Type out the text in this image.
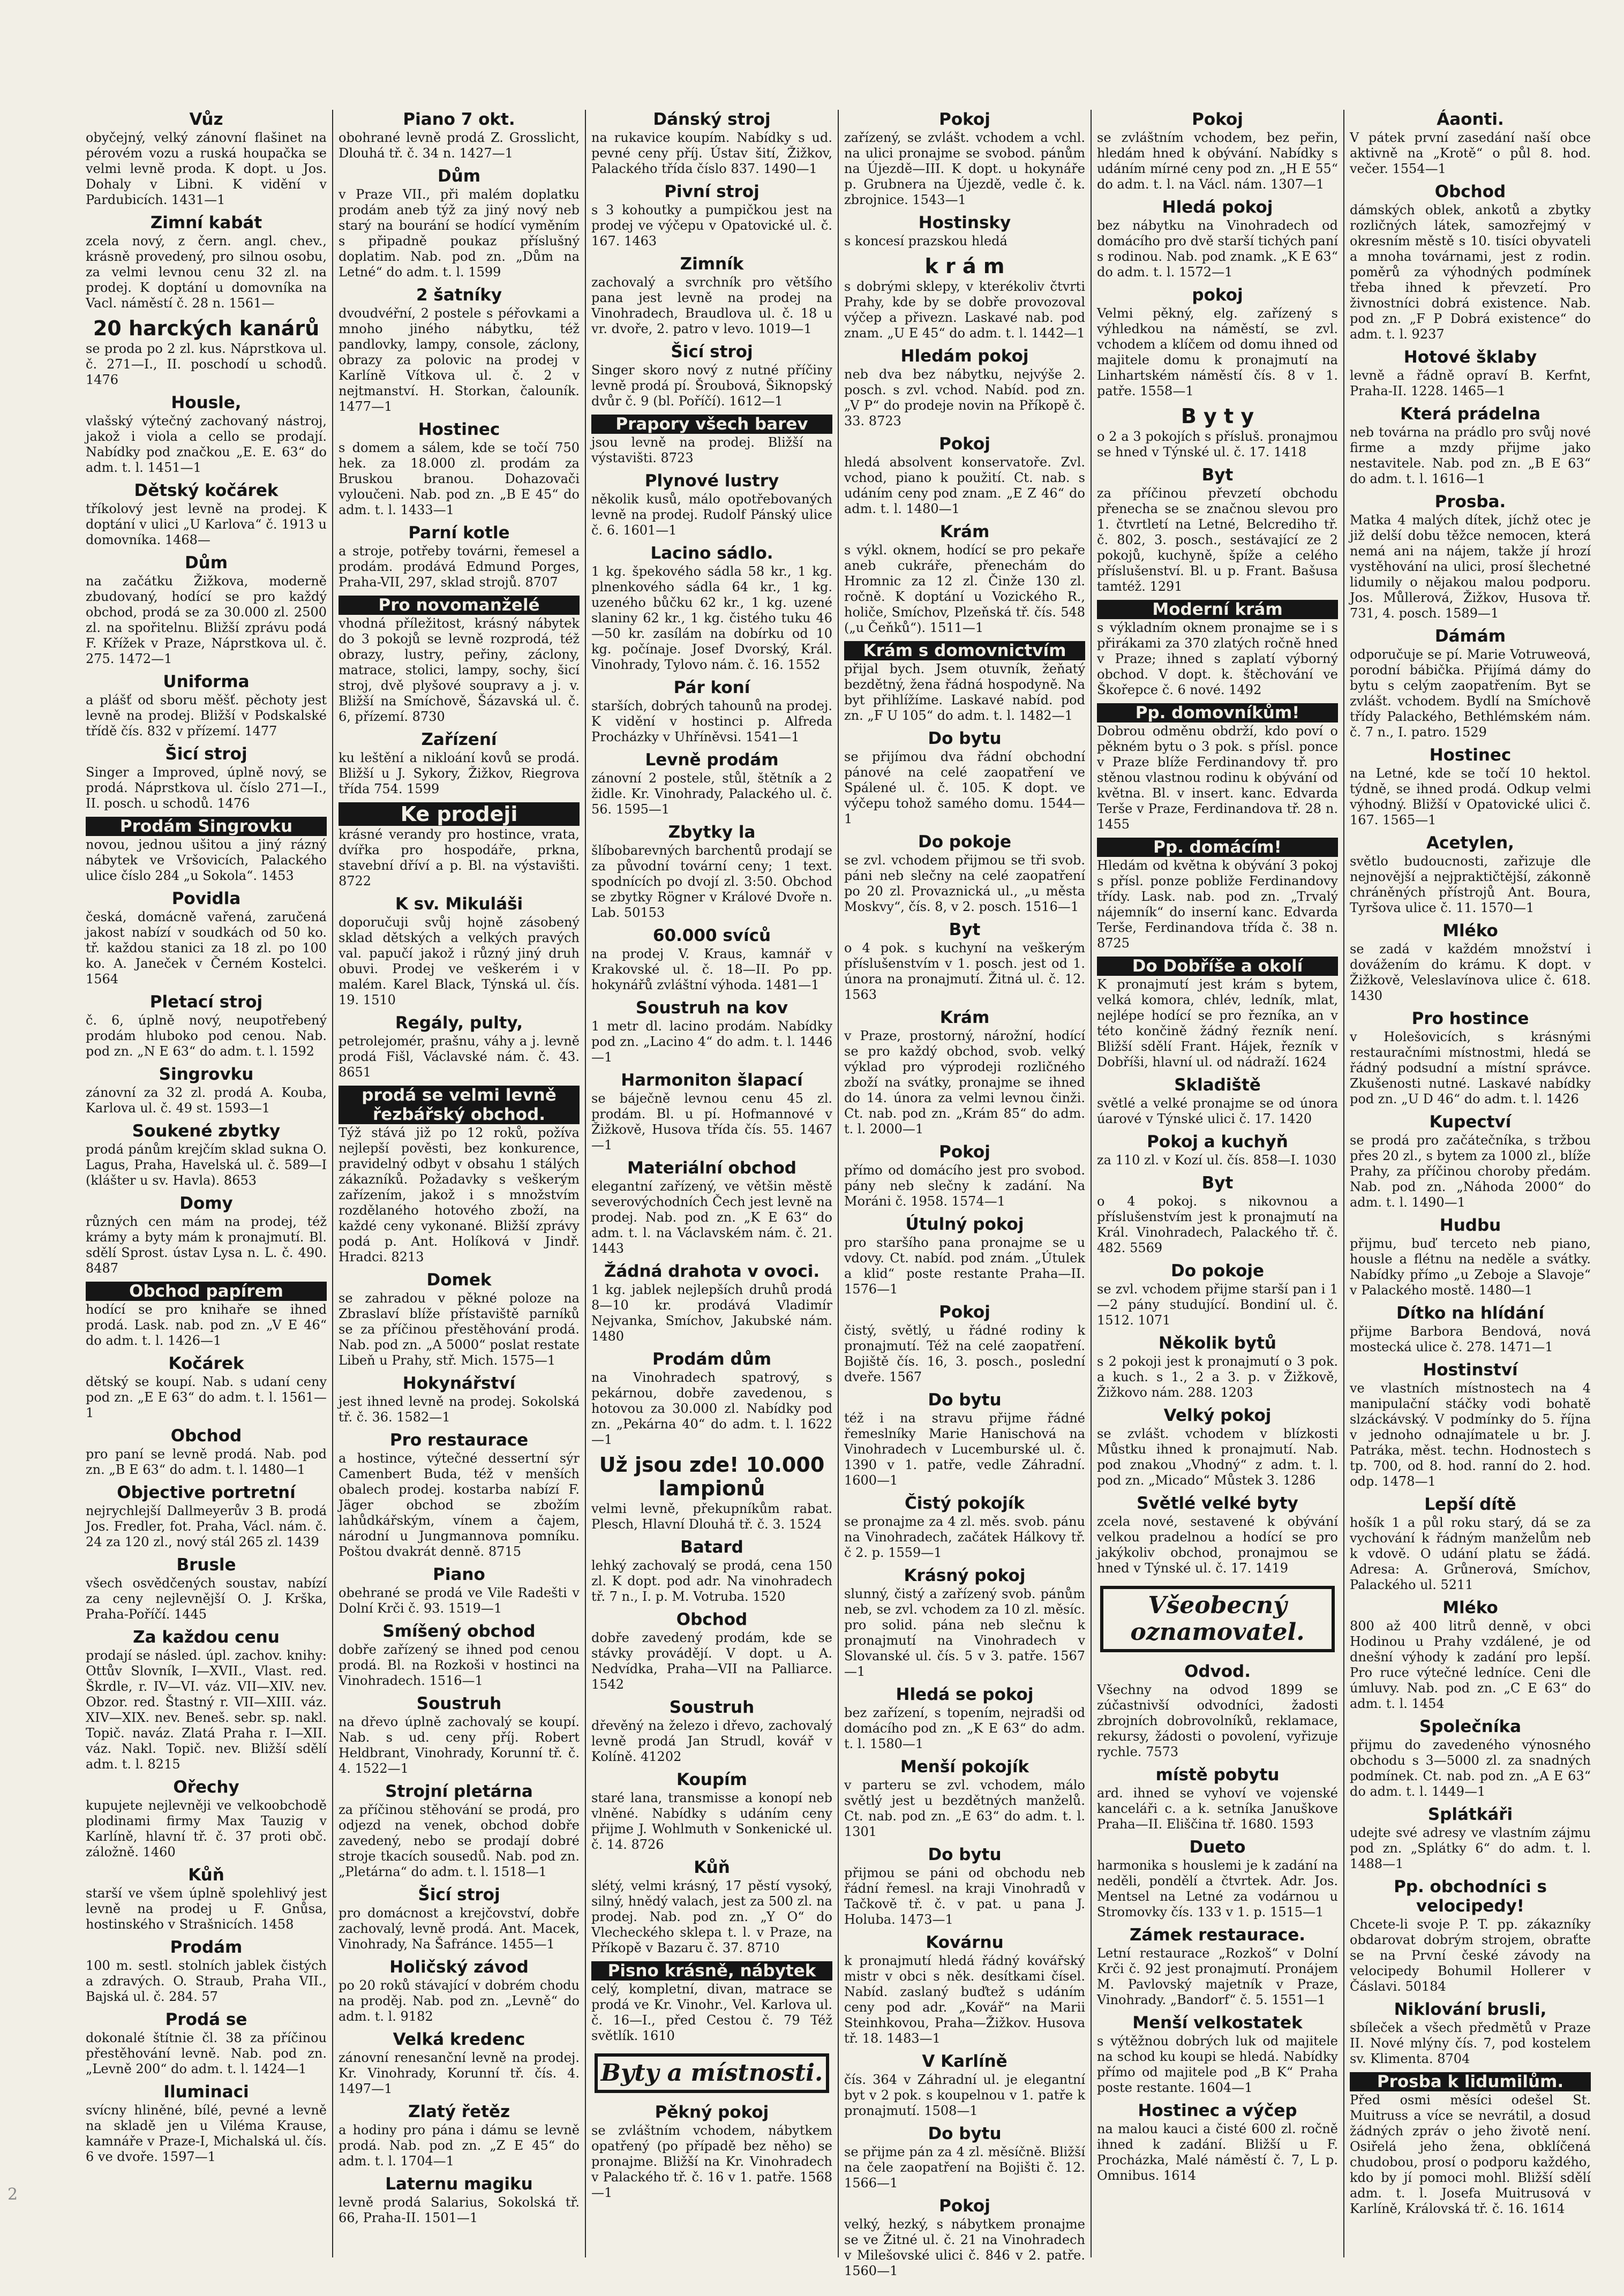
Vůz
obyčejný, velký zánovní flašinet na pérovém vozu a ruská houpačka se velmi levně proda. K dopt. u Jos. Dohaly v Libni. K vidění v Pardubicích. 1431—1
Zimní kabát
zcela nový, z čern. angl. chev., krásně provedený, pro silnou osobu, za velmi levnou cenu 32 zl. na prodej. K doptání u domovníka na Vacl. náměstí č. 28 n. 1561—
20 harckých kanárů
se proda po 2 zl. kus. Náprstkova ul. č. 271—I., II. poschodí u schodů. 1476
Housle,
vlašský výtečný zachovaný nástroj, jakož i viola a cello se prodají. Nabídky pod značkou „E. E. 63“ do adm. t. l. 1451—1
Dětský kočárek
tříkolový jest levně na prodej. K doptání v ulici „U Karlova“ č. 1913 u domovníka. 1468—
Dům
na začátku Žižkova, moderně zbudovaný, hodící se pro každý obchod, prodá se za 30.000 zl. 2500 zl. na spořitelnu. Bližší zprávu podá F. Křížek v Praze, Náprstkova ul. č. 275. 1472—1
Uniforma
a plášť od sboru měšť. pěchoty jest levně na prodej. Bližší v Podskalské třídě čís. 832 v přízemí. 1477
Šicí stroj
Singer a Improved, úplně nový, se prodá. Náprstkova ul. číslo 271—I., II. posch. u schodů. 1476
Prodám Singrovku
novou, jednou ušitou a jiný rázný nábytek ve Vršovicích, Palackého ulice číslo 284 „u Sokola“. 1453
Povidla
česká, domácně vařená, zaručená jakost nabízí v soudkách od 50 ko. tř. každou stanici za 18 zl. po 100 ko. A. Janeček v Černém Kostelci. 1564
Pletací stroj
č. 6, úplně nový, neupotřebený prodám hluboko pod cenou. Nab. pod zn. „N E 63“ do adm. t. l. 1592
Singrovku
zánovní za 32 zl. prodá A. Kouba, Karlova ul. č. 49 st. 1593—1
Soukené zbytky
prodá pánům krejčím sklad sukna O. Lagus, Praha, Havelská ul. č. 589—I (klášter u sv. Havla). 8653
Domy
různých cen mám na prodej, též krámy a byty mám k pronajmutí. Bl. sdělí Sprost. ústav Lysa n. L. č. 490. 8487
Obchod papírem
hodící se pro knihaře se ihned prodá. Lask. nab. pod zn. „V E 46“ do adm. t. l. 1426—1
Kočárek
dětský se koupí. Nab. s udaní ceny pod zn. „E E 63“ do adm. t. l. 1561—1
Obchod
pro paní se levně prodá. Nab. pod zn. „B E 63“ do adm. t. l. 1480—1
Objective portretní
nejrychlejší Dallmeyerův 3 B. prodá Jos. Fredler, fot. Praha, Václ. nám. č. 24 za 120 zl., nový stál 265 zl. 1439
Brusle
všech osvědčených soustav, nabízí za ceny nejlevnější O. J. Krška, Praha-Poříčí. 1445
Za každou cenu
prodají se násled. úpl. zachov. knihy: Ottův Slovník, I—XVII., Vlast. red. Škrdle, r. IV—VI. váz. VII—XIV. nev. Obzor. red. Štastný r. VII—XIII. váz. XIV—XIX. nev. Beneš. sebr. sp. nakl. Topič. naváz. Zlatá Praha r. I—XII. váz. Nakl. Topič. nev. Bližší sdělí adm. t. l. 8215
Ořechy
kupujete nejlevněji ve velkoobchodě plodinami firmy Max Tauzig v Karlíně, hlavní tř. č. 37 proti obč. záložně. 1460
Kůň
starší ve všem úplně spolehlivý jest levně na prodej u F. Gnůsa, hostinského v Strašnicích. 1458
Prodám
100 m. sestl. stolních jablek čistých a zdravých. O. Straub, Praha VII., Bajská ul. č. 284. 57
Prodá se
dokonalé štítnie čl. 38 za příčinou přestěhování levně. Nab. pod zn. „Levně 200“ do adm. t. l. 1424—1
Iluminaci
svícny hliněné, bílé, pevné a levně na skladě jen u Viléma Krause, kamnáře v Praze-I, Michalská ul. čís. 6 ve dvoře. 1597—1
Piano 7 okt.
obohrané levně prodá Z. Grosslicht, Dlouhá tř. č. 34 n. 1427—1
Dům
v Praze VII., při malém doplatku prodám aneb týž za jiný nový neb starý na bourání se hodící vyměním s připadně poukaz příslušný doplatim. Nab. pod zn. „Dům na Letné“ do adm. t. l. 1599
2 šatníky
dvoudvéřní, 2 postele s péřovkami a mnoho jiného nábytku, též pandlovky, lampy, console, záclony, obrazy za polovic na prodej v Karlíně Vítkova ul. č. 2 v nejtmanství. H. Storkan, čalouník. 1477—1
Hostinec
s domem a sálem, kde se točí 750 hek. za 18.000 zl. prodám za Bruskou branou. Dohazovači vyloučeni. Nab. pod zn. „B E 45“ do adm. t. l. 1433—1
Parní kotle
a stroje, potřeby továrni, řemesel a prodám. prodává Edmund Porges, Praha-VII, 297, sklad strojů. 8707
Pro novomanželé
vhodná příležitost, krásný nábytek do 3 pokojů se levně rozprodá, též obrazy, lustry, peřiny, záclony, matrace, stolici, lampy, sochy, šicí stroj, dvě plyšové soupravy a j. v. Bližší na Smíchově, Šázavská ul. č. 6, přízemí. 8730
Zařízení
ku leštění a nikloání kovů se prodá. Bližší u J. Sykory, Žižkov, Riegrova třída 754. 1599
Ke prodeji
krásné verandy pro hostince, vrata, dvířka pro hospodáře, prkna, stavební dříví a p. Bl. na výstavišti. 8722
K sv. Mikuláši
doporučuji svůj hojně zásobený sklad dětských a velkých pravých val. papučí jakož i různý jiný druh obuvi. Prodej ve veškerém i v malém. Karel Black, Týnská ul. čís. 19. 1510
Regály, pulty,
petrolejomér, prašnu, váhy a j. levně prodá Fišl, Václavské nám. č. 43. 8651
prodá se velmi levně řezbářský obchod.
Týž stává již po 12 roků, požíva nejlepší pověsti, bez konkurence, pravidelný odbyt v obsahu 1 stálých zákazníků. Požadavky s veškerým zařízením, jakož i s množstvím rozdělaného hotového zboží, na každé ceny vykonané. Bližší zprávy podá p. Ant. Holíková v Jindř. Hradci. 8213
Domek
se zahradou v pěkné poloze na Zbraslaví blíže přístaviště parníků se za příčinou přestěhování prodá. Nab. pod zn. „A 5000“ poslat restate Libeň u Prahy, stř. Mich. 1575—1
Hokynářství
jest ihned levně na prodej. Sokolská tř. č. 36. 1582—1
Pro restaurace
a hostince, výtečné dessertní sýr Camenbert Buda, též v menších obalech prodej. kostarba nabízí F. Jäger obchod se zbožím lahůdkářským, vínem a čajem, národní u Jungmannova pomníku. Poštou dvakrát denně. 8715
Piano
obehrané se prodá ve Vile Radešti v Dolní Krči č. 93. 1519—1
Smíšený obchod
dobře zařízený se ihned pod cenou prodá. Bl. na Rozkoši v hostinci na Vinohradech. 1516—1
Soustruh
na dřevo úplně zachovalý se koupí. Nab. s ud. ceny příj. Robert Heldbrant, Vinohrady, Korunní tř. č. 4. 1522—1
Strojní pletárna
za příčinou stěhování se prodá, pro odjezd na venek, obchod dobře zavedený, nebo se prodají dobré stroje tkacích sousedů. Nab. pod zn. „Pletárna“ do adm. t. l. 1518—1
Šicí stroj
pro domácnost a krejčovství, dobře zachovalý, levně prodá. Ant. Macek, Vinohrady, Na Šafránce. 1455—1
Holičský závod
po 20 roků stávající v dobrém chodu na proděj. Nab. pod zn. „Levně“ do adm. t. l. 9182
Velká kredenc
zánovní renesanční levně na prodej. Kr. Vinohrady, Korunní tř. čís. 4. 1497—1
Zlatý řetěz
a hodiny pro pána i dámu se levně prodá. Nab. pod zn. „Z E 45“ do adm. t. l. 1704—1
Laternu magiku
levně prodá Salarius, Sokolská tř. 66, Praha-II. 1501—1
Dánský stroj
na rukavice koupím. Nabídky s ud. pevné ceny příj. Ústav šití, Žižkov, Palackého třída číslo 837. 1490—1
Pivní stroj
s 3 kohoutky a pumpičkou jest na prodej ve výčepu v Opatovické ul. č. 167. 1463
Zimník
zachovalý a svrchník pro většího pana jest levně na prodej na Vinohradech, Braudlova ul. č. 18 u vr. dvoře, 2. patro v levo. 1019—1
Šicí stroj
Singer skoro nový z nutné příčiny levně prodá pí. Šroubová, Šiknopský dvůr č. 9 (bl. Poříčí). 1612—1
Prapory všech barev
jsou levně na prodej. Bližší na výstavišti. 8723
Plynové lustry
několik kusů, málo opotřebovaných levně na prodej. Rudolf Pánský ulice č. 6. 1601—1
Lacino sádlo.
1 kg. špekového sádla 58 kr., 1 kg. plnenkového sádla 64 kr., 1 kg. uzeného bůčku 62 kr., 1 kg. uzené slaniny 62 kr., 1 kg. čistého tuku 46—50 kr. zasílám na dobírku od 10 kg. počínaje. Josef Dvorský, Král. Vinohrady, Tylovo nám. č. 16. 1552
Pár koní
starších, dobrých tahounů na prodej. K vidění v hostinci p. Alfreda Procházky v Uhříněvsi. 1541—1
Levně prodám
zánovní 2 postele, stůl, štětník a 2 židle. Kr. Vinohrady, Palackého ul. č. 56. 1595—1
Zbytky la
šlíbobarevných barchentů prodají se za původní tovární ceny; 1 text. spodnících po dvojí zl. 3:50. Obchod se zbytky Rögner v Králové Dvoře n. Lab. 50153
60.000 svíců
na prodej V. Kraus, kamnář v Krakovské ul. č. 18—II. Po pp. hokynářů zvláštní výhoda. 1481—1
Soustruh na kov
1 metr dl. lacino prodám. Nabídky pod zn. „Lacino 4“ do adm. t. l. 1446—1
Harmoniton šlapací
se báječně levnou cenu 45 zl. prodám. Bl. u pí. Hofmannové v Žižkově, Husova třída čís. 55. 1467—1
Materiální obchod
elegantní zařízený, ve většin městě severovýchodních Čech jest levně na prodej. Nab. pod zn. „K E 63“ do adm. t. l. na Václavském nám. č. 21. 1443
Žádná drahota v ovoci.
1 kg. jablek nejlepších druhů prodá 8—10 kr. prodává Vladimír Nejvanka, Smíchov, Jakubské nám. 1480
Prodám dům
na Vinohradech spatrový, s pekárnou, dobře zavedenou, s hotovou za 30.000 zl. Nabídky pod zn. „Pekárna 40“ do adm. t. l. 1622—1
Už jsou zde! 10.000 lampionů
velmi levně, překupníkům rabat. Plesch, Hlavní Dlouhá tř. č. 3. 1524
Batard
lehký zachovalý se prodá, cena 150 zl. K dopt. pod adr. Na vinohradech tř. 7 n., I. p. M. Votruba. 1520
Obchod
dobře zavedený prodám, kde se stávky provádějí. V dopt. u A. Nedvídka, Praha—VII na Palliarce. 1542
Soustruh
dřevěný na železo i dřevo, zachovalý levně prodá Jan Strudl, kovář v Kolíně. 41202
Koupím
staré lana, transmisse a konopí neb vlněné. Nabídky s udáním ceny přijme J. Wohlmuth v Sonkenické ul. č. 14. 8726
Kůň
slétý, velmi krásný, 17 pěstí vysoký, silný, hnědý valach, jest za 500 zl. na prodej. Nab. pod zn. „Y O“ do Vlecheckého sklepa t. l. v Praze, na Příkopě v Bazaru č. 37. 8710
Pisno krásně, nábytek
celý, kompletní, divan, matrace se prodá ve Kr. Vinohr., Vel. Karlova ul. č. 16—I., před Cestou č. 79 Též světlík. 1610
Byty a místnosti.
Pěkný pokoj
se zvláštním vchodem, nábytkem opatřený (po případě bez něho) se pronajme. Bližší na Kr. Vinohradech v Palackého tř. č. 16 v 1. patře. 1568—1
Pokoj
zařízený, se zvlášt. vchodem a vchl. na ulici pronajme se svobod. pánům na Újezdě—III. K dopt. u hokynáře p. Grubnera na Újezdě, vedle č. k. zbrojnice. 1543—1
Hostinsky
s koncesí prazskou hledá
k r á m
s dobrými sklepy, v kterékoliv čtvrti Prahy, kde by se dobře provozoval výčep a přivezn. Laskavé nab. pod znam. „U E 45“ do adm. t. l. 1442—1
Hledám pokoj
neb dva bez nábytku, nejvýše 2. posch. s zvl. vchod. Nabíd. pod zn. „V P“ do prodeje novin na Příkopě č. 33. 8723
Pokoj
hledá absolvent konservatoře. Zvl. vchod, piano k použití. Ct. nab. s udáním ceny pod znam. „E Z 46“ do adm. t. l. 1480—1
Krám
s výkl. oknem, hodící se pro pekaře aneb cukráře, přenechám do Hromnic za 12 zl. Činže 130 zl. ročně. K doptání u Vozického R., holiče, Smíchov, Plzeňská tř. čís. 548 („u Čeňků“). 1511—1
Krám s domovnictvím
přijal bych. Jsem otuvník, žeňatý bezdětný, žena řádná hospodyně. Na byt přihlížíme. Laskavé nabíd. pod zn. „F U 105“ do adm. t. l. 1482—1
Do bytu
se přijímou dva řádní obchodní pánové na celé zaopatření ve Spálené ul. č. 105. K dopt. ve výčepu tohož samého domu. 1544—1
Do pokoje
se zvl. vchodem přijmou se tři svob. páni neb slečny na celé zaopatření po 20 zl. Provaznická ul., „u města Moskvy“, čís. 8, v 2. posch. 1516—1
Byt
o 4 pok. s kuchyní na veškerým příslušenstvím v 1. posch. jest od 1. února na pronajmutí. Žitná ul. č. 12. 1563
Krám
v Praze, prostorný, nárožní, hodící se pro každý obchod, svob. velký výklad pro výprodeji rozličného zboží na svátky, pronajme se ihned do 14. února za velmi levnou činži. Ct. nab. pod zn. „Krám 85“ do adm. t. l. 2000—1
Pokoj
přímo od domácího jest pro svobod. pány neb slečny k zadání. Na Moráni č. 1958. 1574—1
Útulný pokoj
pro staršího pana pronajme se u vdovy. Ct. nabíd. pod znám. „Útulek a klid“ poste restante Praha—II. 1576—1
Pokoj
čistý, světlý, u řádné rodiny k pronajmutí. Též na celé zaopatření. Bojiště čís. 16, 3. posch., poslední dveře. 1567
Do bytu
též i na stravu přijme řádné řemeslníky Marie Hanischová na Vinohradech v Lucemburské ul. č. 1390 v 1. patře, vedle Záhradní. 1600—1
Čistý pokojík
se pronajme za 4 zl. měs. svob. pánu na Vinohradech, začátek Hálkovy tř. č 2. p. 1559—1
Krásný pokoj
slunný, čistý a zařízený svob. pánům neb, se zvl. vchodem za 10 zl. měsíc. pro solid. pána neb slečnu k pronajmutí na Vinohradech v Slovanské ul. čís. 5 v 3. patře. 1567—1
Hledá se pokoj
bez zařízení, s topením, nejradši od domácího pod zn. „K E 63“ do adm. t. l. 1580—1
Menší pokojík
v parteru se zvl. vchodem, málo světlý jest u bezdětných manželů. Ct. nab. pod zn. „E 63“ do adm. t. l. 1301
Do bytu
přijmou se páni od obchodu neb řádní řemesl. na kraji Vinohradů v Tačkově tř. č. v pat. u pana J. Holuba. 1473—1
Kovárnu
k pronajmutí hledá řádný kovářský mistr v obci s něk. desítkami čísel. Nabíd. zaslaný buďtež s udáním ceny pod adr. „Kovář“ na Marii Steinhkovou, Praha—Žižkov. Husova tř. 18. 1483—1
V Karlíně
čís. 364 v Záhradní ul. je elegantní byt v 2 pok. s koupelnou v 1. patře k pronajmutí. 1508—1
Do bytu
se přijme pán za 4 zl. měsíčně. Bližší na čele zaopatření na Bojišti č. 12. 1566—1
Pokoj
velký, hezký, s nábytkem pronajme se ve Žitné ul. č. 21 na Vinohradech v Milešovské ulici č. 846 v 2. patře. 1560—1
Pokoj
se zvláštním vchodem, bez peřin, hledám hned k obývání. Nabídky s udáním mírné ceny pod zn. „H E 55“ do adm. t. l. na Václ. nám. 1307—1
Hledá pokoj
bez nábytku na Vinohradech od domácího pro dvě starší tichých paní s rodinou. Nab. pod znamk. „K E 63“ do adm. t. l. 1572—1
pokoj
Velmi pěkný, elg. zařízený s výhledkou na náměstí, se zvl. vchodem a klíčem od domu ihned od majitele domu k pronajmutí na Linhartském náměstí čís. 8 v 1. patře. 1558—1
B y t y
o 2 a 3 pokojích s přísluš. pronajmou se hned v Týnské ul. č. 17. 1418
Byt
za příčinou převzetí obchodu přenecha se se značnou slevou pro 1. čtvrtletí na Letné, Belcrediho tř. č. 802, 3. posch., sestávající ze 2 pokojů, kuchyně, špíže a celého příslušenství. Bl. u p. Frant. Bašusa tamtéž. 1291
Moderní krám
s výkladním oknem pronajme se i s přirákami za 370 zlatých ročně hned v Praze; ihned s zaplatí výborný obchod. V dopt. k. štěchování ve Škořepce č. 6 nové. 1492
Pp. domovníkům!
Dobrou odměnu obdrží, kdo poví o pěkném bytu o 3 pok. s přísl. ponce v Praze blíže Ferdinandovy tř. pro stěnou vlastnou rodinu k obývání od května. Bl. v insert. kanc. Edvarda Terše v Praze, Ferdinandova tř. 28 n. 1455
Pp. domácím!
Hledám od května k obývání 3 pokoj s přísl. ponze pobliže Ferdinandovy třídy. Lask. nab. pod zn. „Trvalý nájemník“ do inserní kanc. Edvarda Terše, Ferdinandova třída č. 38 n. 8725
Do Dobříše a okolí
K pronajmutí jest krám s bytem, velká komora, chlév, ledník, mlat, nejlépe hodící se pro řezníka, an v této končině žádný řezník není. Bližší sdělí Frant. Hájek, řezník v Dobříši, hlavní ul. od nádraží. 1624
Skladiště
světlé a velké pronajme se od února úarové v Týnské ulici č. 17. 1420
Pokoj a kuchyň
za 110 zl. v Kozí ul. čís. 858—I. 1030
Byt
o 4 pokoj. s nikovnou a příslušenstvím jest k pronajmutí na Král. Vinohradech, Palackého tř. č. 482. 5569
Do pokoje
se zvl. vchodem přijme starší pan i 1—2 pány studující. Bondiní ul. č. 1512. 1071
Několik bytů
s 2 pokoji jest k pronajmutí o 3 pok. a kuch. s 1., 2 a 3. p. v Žižkově, Žižkovo nám. 288. 1203
Velký pokoj
se zvlášt. vchodem v blízkosti Můstku ihned k pronajmutí. Nab. pod znakou „Vhodný“ z adm. t. l. pod zn. „Micado“ Můstek 3. 1286
Světlé velké byty
zcela nové, sestavené k obývání velkou pradelnou a hodící se pro jakýkoliv obchod, pronajmou se hned v Týnské ul. č. 17. 1419
Všeobecný oznamovatel.
Odvod.
Všechny na odvod 1899 se zúčastnivší odvodníci, žadosti zbrojních dobrovolníků, reklamace, rekursy, žádosti o povolení, vyřizuje rychle. 7573
místě pobytu
ard. ihned se vyhoví ve vojenské kanceláři c. a k. setníka Januškove Praha—II. Eliščina tř. 1680. 1593
Dueto
harmonika s houslemi je k zadání na neděli, pondělí a čtvrtek. Adr. Jos. Mentsel na Letné za vodárnou u Stromovky čís. 133 v 1. p. 1515—1
Zámek restaurace.
Letní restaurace „Rozkoš“ v Dolní Krči č. 92 jest pronajmutí. Pronájem M. Pavlovský majetník v Praze, Vinohrady. „Bandorf“ č. 5. 1551—1
Menší velkostatek
s výtěžnou dobrých luk od majitele na schod ku koupi se hledá. Nabídky přímo od majitele pod „B K“ Praha poste restante. 1604—1
Hostinec a výčep
na malou kauci a čisté 600 zl. ročně ihned k zadání. Bližší u F. Procházka, Malé náměstí č. 7, L p. Omnibus. 1614
Áaonti.
V pátek první zasedání naší obce aktivně na „Krotě“ o půl 8. hod. večer. 1554—1
Obchod
dámských oblek, ankotů a zbytky rozličných látek, samozřejmý v okresním městě s 10. tisíci obyvateli a mnoha továrnami, jest z rodin. poměrů za výhodných podmínek třeba ihned k převzetí. Pro živnostníci dobrá existence. Nab. pod zn. „F P Dobrá existence“ do adm. t. l. 9237
Hotové šklaby
levně a řádně opraví B. Kerfnt, Praha-II. 1228. 1465—1
Která prádelna
neb továrna na prádlo pro svůj nové firme a mzdy přijme jako nestavitele. Nab. pod zn. „B E 63“ do adm. t. l. 1616—1
Prosba.
Matka 4 malých dítek, jíchž otec je již delší dobu těžce nemocen, která nemá ani na nájem, takže jí hrozí vystěhování na ulici, prosí šlechetné lidumily o nějakou malou podporu. Jos. Můllerová, Žižkov, Husova tř. 731, 4. posch. 1589—1
Dámám
odporučuje se pí. Marie Votruweová, porodní bábička. Přijímá dámy do bytu s celým zaopatřením. Byt se zvlášt. vchodem. Bydlí na Smíchově třídy Palackého, Bethlémském nám. č. 7 n., I. patro. 1529
Hostinec
na Letné, kde se točí 10 hektol. týdně, se ihned prodá. Odkup velmi výhodný. Bližší v Opatovické ulici č. 167. 1565—1
Acetylen,
světlo budoucnosti, zařizuje dle nejnovější a nejpraktičtější, zákonně chráněných přístrojů Ant. Boura, Tyršova ulice č. 11. 1570—1
Mléko
se zadá v každém množství i dovážením do krámu. K dopt. v Žižkově, Veleslavínova ulice č. 618. 1430
Pro hostince
v Holešovicích, s krásnými restauračními místnostmi, hledá se řádný podsudní a místní správce. Zkušenosti nutné. Laskavé nabídky pod zn. „U D 46“ do adm. t. l. 1426
Kupectví
se prodá pro začátečníka, s tržbou přes 20 zl., s bytem za 1000 zl., blíže Prahy, za příčinou choroby předám. Nab. pod zn. „Náhoda 2000“ do adm. t. l. 1490—1
Hudbu
přijmu, buď terceto neb piano, housle a flétnu na neděle a svátky. Nabídky přímo „u Zeboje a Slavoje“ v Palackého mostě. 1480—1
Dítko na hlídání
přijme Barbora Bendová, nová mostecká ulice č. 278. 1471—1
Hostinství
ve vlastních místnostech na 4 manipulační stáčky vodi bohatě slzáckávský. V podmínky do 5. října v jednoho odnajímatele u br. J. Patráka, měst. techn. Hodnostech s tp. 700, od 8. hod. ranní do 2. hod. odp. 1478—1
Lepší dítě
hošík 1 a půl roku starý, dá se za vychování k řádným manželům neb k vdově. O udání platu se žádá. Adresa: A. Grůnerová, Smíchov, Palackého ul. 5211
Mléko
800 až 400 litrů denně, v obci Hodinou u Prahy vzdálené, je od dnešní výhody k zadání pro lepší. Pro ruce výtečné ledníce. Ceni dle úmluvy. Nab. pod zn. „C E 63“ do adm. t. l. 1454
Společníka
přijmu do zavedeného výnosného obchodu s 3—5000 zl. za snadných podmínek. Ct. nab. pod zn. „A E 63“ do adm. t. l. 1449—1
Splátkáři
udejte své adresy ve vlastním zájmu pod zn. „Splátky 6“ do adm. t. l. 1488—1
Pp. obchodníci s velocipedy!
Chcete-li svoje P. T. pp. zákazníky obdarovat dobrým strojem, obraťte se na První české závody na velocipedy Bohumil Hollerer v Čáslavi. 50184
Niklování brusli,
sbíleček a všech předmětů v Praze II. Nové mlýny čís. 7, pod kostelem sv. Klimenta. 8704
Prosba k lidumilům.
Před osmi měsíci odešel St. Muitruss a více se nevrátil, a dosud žádných zpráv o jeho životě není. Osiřelá jeho žena, obklíčená chudobou, prosí o podporu každého, kdo by jí pomoci mohl. Bližší sdělí adm. t. l. Josefa Muitrusová v Karlíně, Královská tř. č. 16. 1614
2
